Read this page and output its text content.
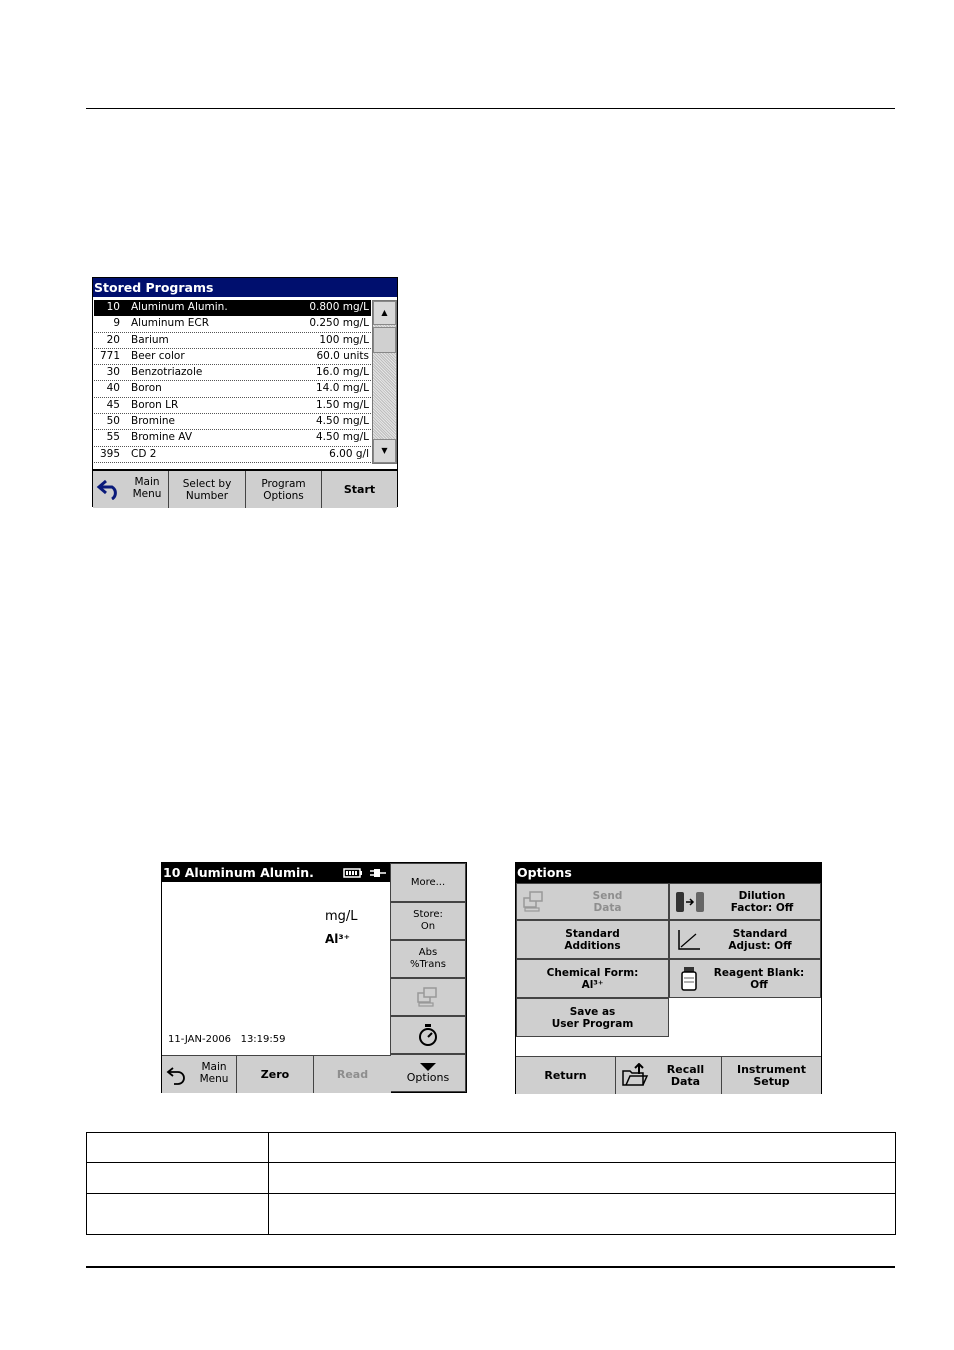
Stored Programs
10 Aluminum Alumin.	0.800 mg/L
9 Aluminum ECR	0.250 mg/L
20 Barium	100 mg/L
771 Beer color	60.0 units
30 Benzotriazole	16.0 mg/L
40 Boron	14.0 mg/L
45 Boron LR	1.50 mg/L
50 Bromine	4.50 mg/L
55 Bromine AV	4.50 mg/L
395 CD 2	6.00 g/l
▲
▼
Main
Menu
Select by
Number
Program
Options	Start
10 Aluminum Alumin.
mg/L
Al³⁺
11-JAN-2006   13:19:59
More...
Store:
On
Abs
%Trans
Options
Main
Menu	Zero	Read
Options
Send
Data
Dilution
Factor: Off
Standard
Additions
Standard
Adjust: Off
Chemical Form:
Al³⁺
Reagent Blank:
Off
Save as
User Program
Return	Recall
Data
Instrument
Setup
